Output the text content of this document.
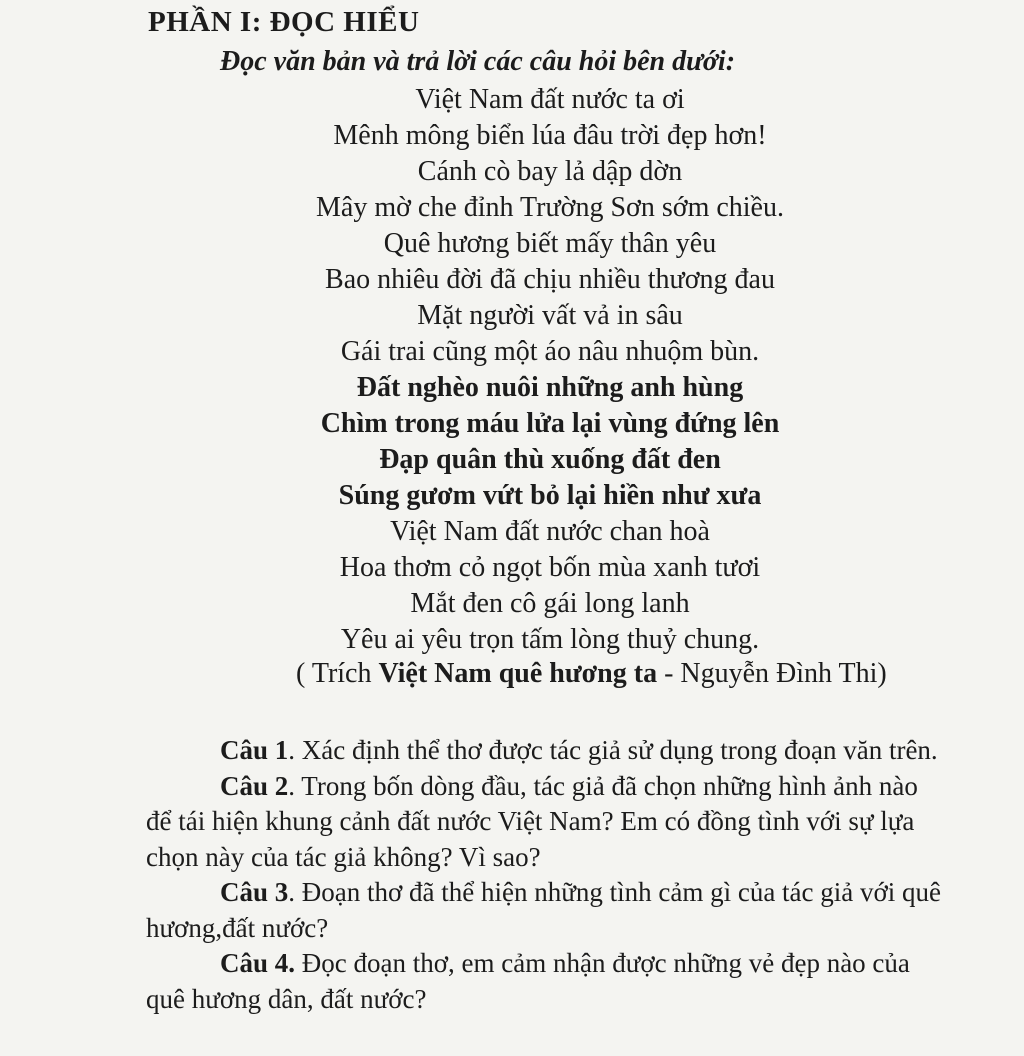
PHẦN I: ĐỌC HIỂU
Đọc văn bản và trả lời các câu hỏi bên dưới:
Việt Nam đất nước ta ơi
Mênh mông biển lúa đâu trời đẹp hơn!
Cánh cò bay lả dập dờn
Mây mờ che đỉnh Trường Sơn sớm chiều.
Quê hương biết mấy thân yêu
Bao nhiêu đời đã chịu nhiều thương đau
Mặt người vất vả in sâu
Gái trai cũng một áo nâu nhuộm bùn.
Đất nghèo nuôi những anh hùng
Chìm trong máu lửa lại vùng đứng lên
Đạp quân thù xuống đất đen
Súng gươm vứt bỏ lại hiền như xưa
Việt Nam đất nước chan hoà
Hoa thơm cỏ ngọt bốn mùa xanh tươi
Mắt đen cô gái long lanh
Yêu ai yêu trọn tấm lòng thuỷ chung.
( Trích Việt Nam quê hương ta - Nguyễn Đình Thi)

Câu 1. Xác định thể thơ được tác giả sử dụng trong đoạn văn trên.

Câu 2. Trong bốn dòng đầu, tác giả đã chọn những hình ảnh nào để tái hiện khung cảnh đất nước Việt Nam? Em có đồng tình với sự lựa chọn này của tác giả không? Vì sao?

Câu 3. Đoạn thơ đã thể hiện những tình cảm gì của tác giả với quê hương,đất nước?

Câu 4. Đọc đoạn thơ, em cảm nhận được những vẻ đẹp nào của quê hương dân, đất nước?
